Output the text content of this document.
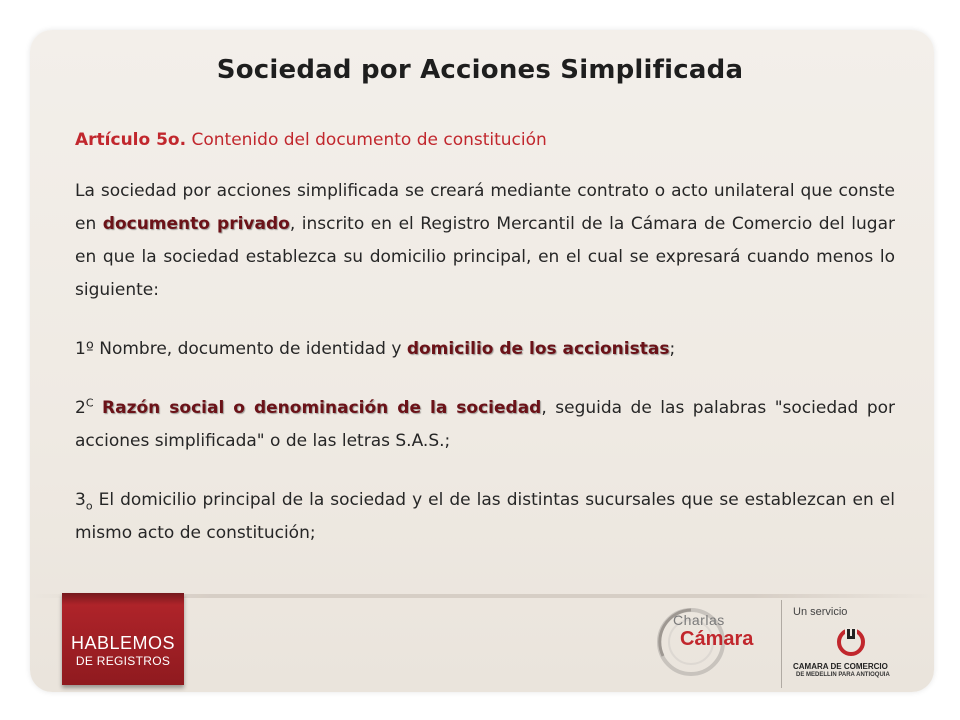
Sociedad por Acciones Simplificada

Artículo 5o. Contenido del documento de constitución

La sociedad por acciones simplificada se creará mediante contrato o acto unilateral que conste en documento privado, inscrito en el Registro Mercantil de la Cámara de Comercio del lugar en que la sociedad establezca su domicilio principal, en el cual se expresará cuando menos lo siguiente:

1º Nombre, documento de identidad y domicilio de los accionistas;

$2^C$ Razón social o denominación de la sociedad, seguida de las palabras "sociedad por acciones simplificada" o de las letras S.A.S.;

$3_o$ El domicilio principal de la sociedad y el de las distintas sucursales que se establezcan en el mismo acto de constitución;

HABLEMOS
DE REGISTROS
Charlas
Cámara
Un servicio
CAMARA DE COMERCIO
DE MEDELLIN PARA ANTIOQUIA
